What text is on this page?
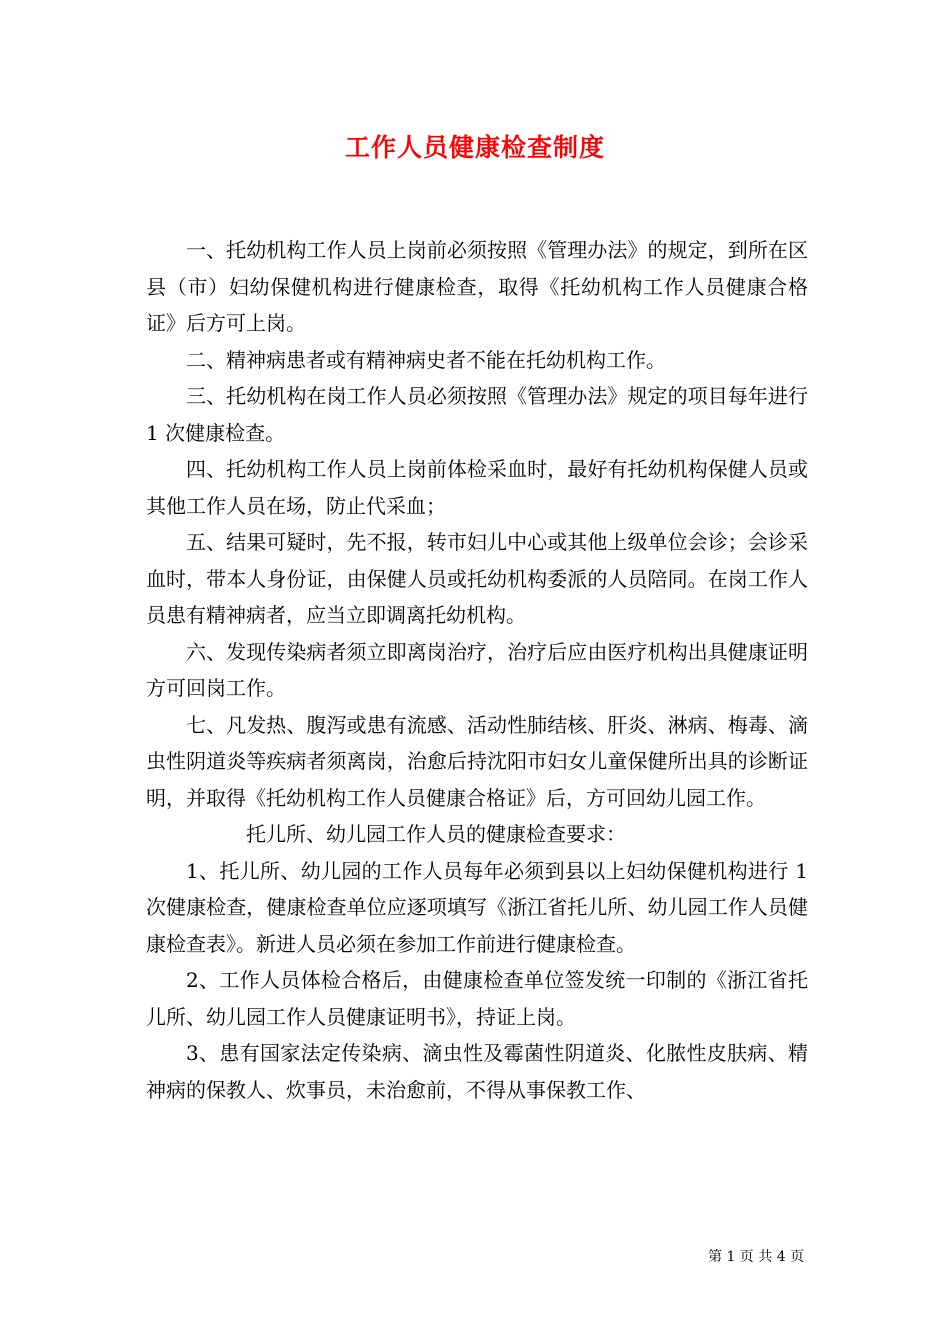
工作人员健康检查制度

一、托幼机构工作人员上岗前必须按照《管理办法》的规定，到所在区县（市）妇幼保健机构进行健康检查，取得《托幼机构工作人员健康合格证》后方可上岗。

二、精神病患者或有精神病史者不能在托幼机构工作。

三、托幼机构在岗工作人员必须按照《管理办法》规定的项目每年进行 1 次健康检查。

四、托幼机构工作人员上岗前体检采血时，最好有托幼机构保健人员或其他工作人员在场，防止代采血；

五、结果可疑时，先不报，转市妇儿中心或其他上级单位会诊；会诊采血时，带本人身份证，由保健人员或托幼机构委派的人员陪同。在岗工作人员患有精神病者，应当立即调离托幼机构。

六、发现传染病者须立即离岗治疗，治疗后应由医疗机构出具健康证明方可回岗工作。

七、凡发热、腹泻或患有流感、活动性肺结核、肝炎、淋病、梅毒、滴虫性阴道炎等疾病者须离岗，治愈后持沈阳市妇女儿童保健所出具的诊断证明，并取得《托幼机构工作人员健康合格证》后，方可回幼儿园工作。

托儿所、幼儿园工作人员的健康检查要求：

1、托儿所、幼儿园的工作人员每年必须到县以上妇幼保健机构进行 1 次健康检查，健康检查单位应逐项填写《浙江省托儿所、幼儿园工作人员健康检查表》。新进人员必须在参加工作前进行健康检查。

2、工作人员体检合格后，由健康检查单位签发统一印制的《浙江省托儿所、幼儿园工作人员健康证明书》，持证上岗。

3、患有国家法定传染病、滴虫性及霉菌性阴道炎、化脓性皮肤病、精神病的保教人、炊事员，未治愈前，不得从事保教工作、

第 1 页 共 4 页
